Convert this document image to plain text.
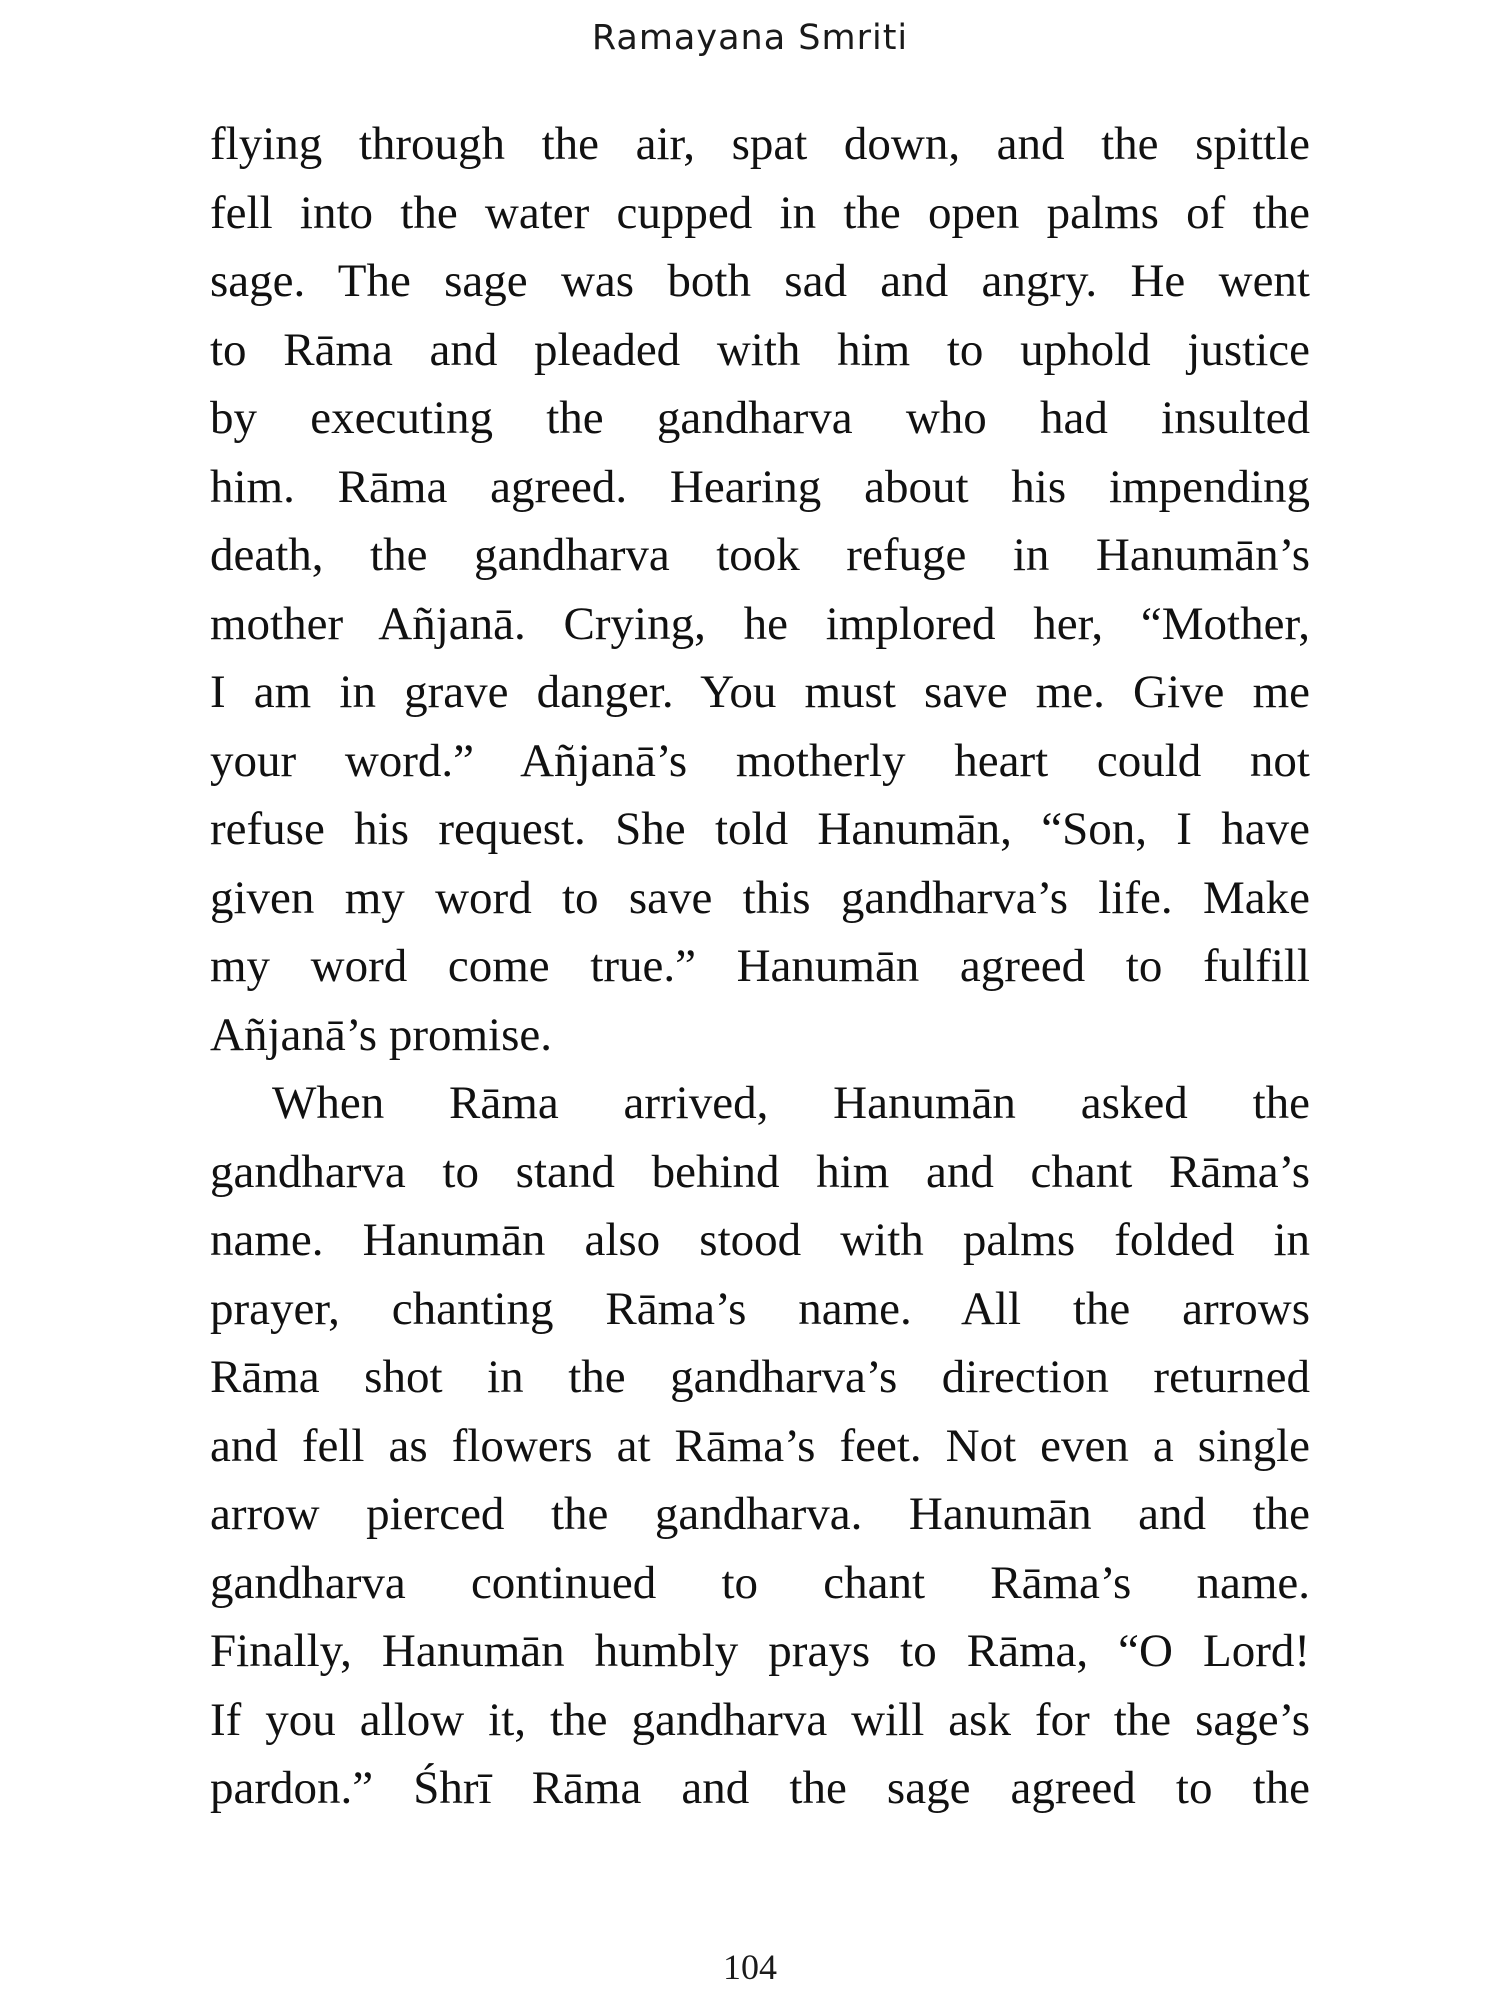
Ramayana Smriti
flying through the air, spat down, and the spittle
fell into the water cupped in the open palms of the
sage. The sage was both sad and angry. He went
to Rāma and pleaded with him to uphold justice
by executing the gandharva who had insulted
him. Rāma agreed. Hearing about his impending
death, the gandharva took refuge in Hanumān’s
mother Añjanā. Crying, he implored her, “Mother,
I am in grave danger. You must save me. Give me
your word.” Añjanā’s motherly heart could not
refuse his request. She told Hanumān, “Son, I have
given my word to save this gandharva’s life. Make
my word come true.” Hanumān agreed to fulfill
Añjanā’s promise.
When Rāma arrived, Hanumān asked the
gandharva to stand behind him and chant Rāma’s
name. Hanumān also stood with palms folded in
prayer, chanting Rāma’s name. All the arrows
Rāma shot in the gandharva’s direction returned
and fell as flowers at Rāma’s feet. Not even a single
arrow pierced the gandharva. Hanumān and the
gandharva continued to chant Rāma’s name.
Finally, Hanumān humbly prays to Rāma, “O Lord!
If you allow it, the gandharva will ask for the sage’s
pardon.” Śhrī Rāma and the sage agreed to the
104
